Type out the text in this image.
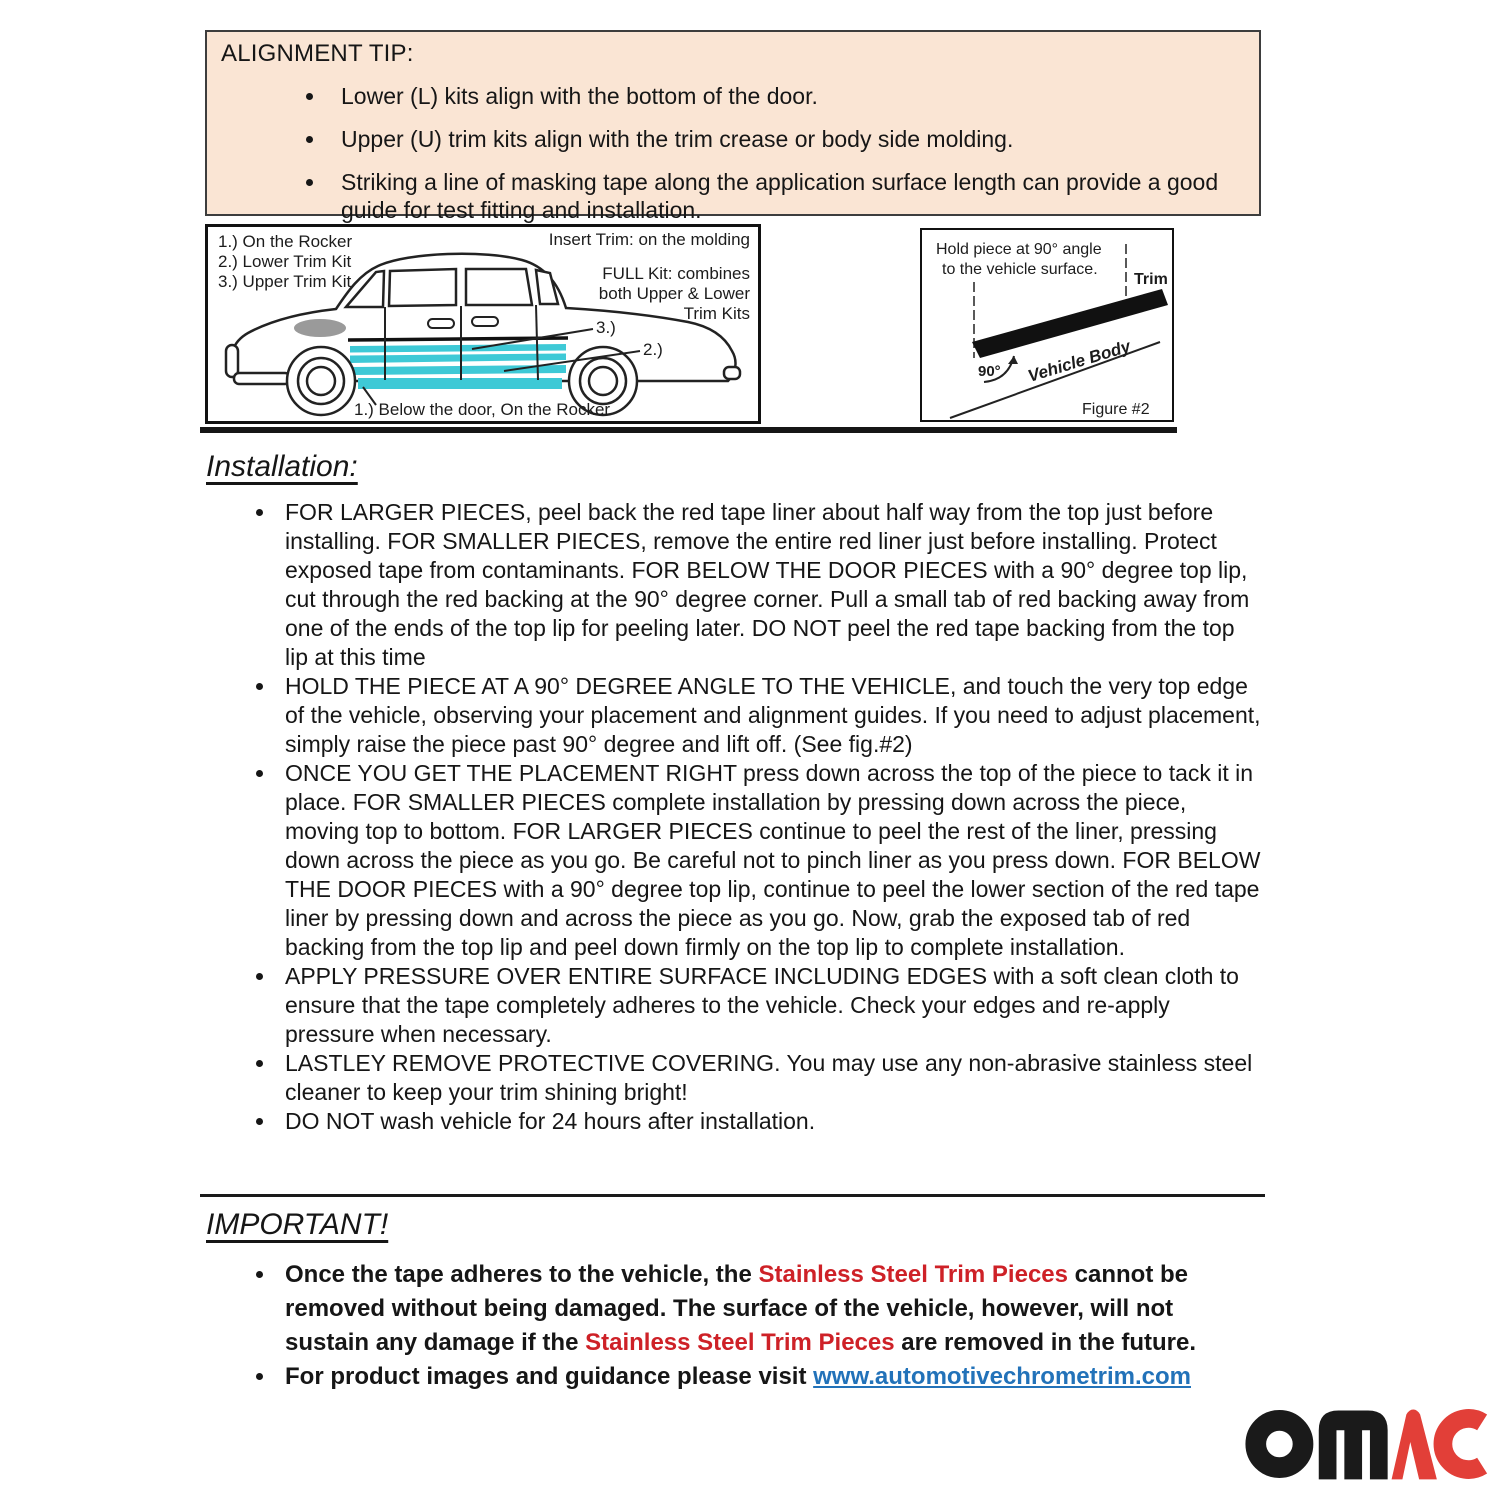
ALIGNMENT TIP:
• Lower (L) kits align with the bottom of the door.
• Upper (U) trim kits align with the trim crease or body side molding.
• Striking a line of masking tape along the application surface length can provide a good guide for test fitting and installation.
1.) On the Rocker
2.) Lower Trim Kit
3.) Upper Trim Kit
Insert Trim: on the molding
FULL Kit: combines
both Upper & Lower
Trim Kits
3.)
2.)
1.) Below the door, On the Rocker
Hold piece at 90° angle
to the vehicle surface.
90°
Trim
Vehicle Body
Figure #2
Installation:
• FOR LARGER PIECES, peel back the red tape liner about half way from the top just before installing. FOR SMALLER PIECES, remove the entire red liner just before installing. Protect exposed tape from contaminants. FOR BELOW THE DOOR PIECES with a 90° degree top lip, cut through the red backing at the 90° degree corner. Pull a small tab of red backing away from one of the ends of the top lip for peeling later. DO NOT peel the red tape backing from the top lip at this time
• HOLD THE PIECE AT A 90° DEGREE ANGLE TO THE VEHICLE, and touch the very top edge of the vehicle, observing your placement and alignment guides. If you need to adjust placement, simply raise the piece past 90° degree and lift off. (See fig.#2)
• ONCE YOU GET THE PLACEMENT RIGHT press down across the top of the piece to tack it in place. FOR SMALLER PIECES complete installation by pressing down across the piece, moving top to bottom. FOR LARGER PIECES continue to peel the rest of the liner, pressing down across the piece as you go. Be careful not to pinch liner as you press down. FOR BELOW THE DOOR PIECES with a 90° degree top lip, continue to peel the lower section of the red tape liner by pressing down and across the piece as you go. Now, grab the exposed tab of red backing from the top lip and peel down firmly on the top lip to complete installation.
• APPLY PRESSURE OVER ENTIRE SURFACE INCLUDING EDGES with a soft clean cloth to ensure that the tape completely adheres to the vehicle. Check your edges and re-apply pressure when necessary.
• LASTLEY REMOVE PROTECTIVE COVERING. You may use any non-abrasive stainless steel cleaner to keep your trim shining bright!
• DO NOT wash vehicle for 24 hours after installation.
IMPORTANT!
• Once the tape adheres to the vehicle, the Stainless Steel Trim Pieces cannot be removed without being damaged. The surface of the vehicle, however, will not sustain any damage if the Stainless Steel Trim Pieces are removed in the future.
• For product images and guidance please visit www.automotivechrometrim.com
